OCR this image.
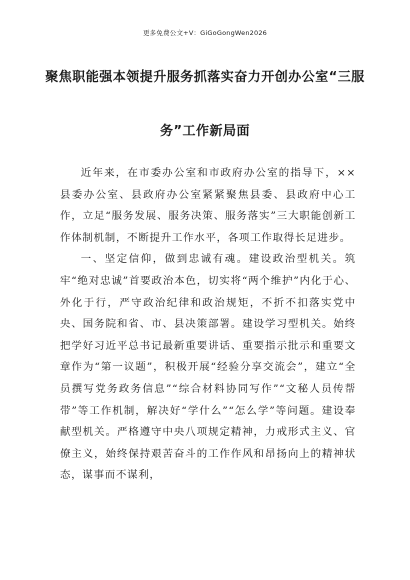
更多免费公文+V：GiGoGongWen2026
聚焦职能强本领提升服务抓落实奋力开创办公室“三服
务”工作新局面

近年来，在市委办公室和市政府办公室的指导下，××县委办公室、县政府办公室紧紧聚焦县委、县政府中心工作，立足“服务发展、服务决策、服务落实”三大职能创新工作体制机制，不断提升工作水平，各项工作取得长足进步。

一、坚定信仰，做到忠诚有魂。建设政治型机关。筑牢“绝对忠诚”首要政治本色，切实将“两个维护”内化于心、外化于行，严守政治纪律和政治规矩，不折不扣落实党中央、国务院和省、市、县决策部署。建设学习型机关。始终把学好习近平总书记最新重要讲话、重要指示批示和重要文章作为“第一议题”，积极开展“经验分享交流会”，建立“全员撰写党务政务信息”“综合材料协同写作”“文秘人员传帮带”等工作机制，解决好“学什么”“怎么学”等问题。建设奉献型机关。严格遵守中央八项规定精神，力戒形式主义、官僚主义，始终保持艰苦奋斗的工作作风和昂扬向上的精神状态，谋事而不谋利，
